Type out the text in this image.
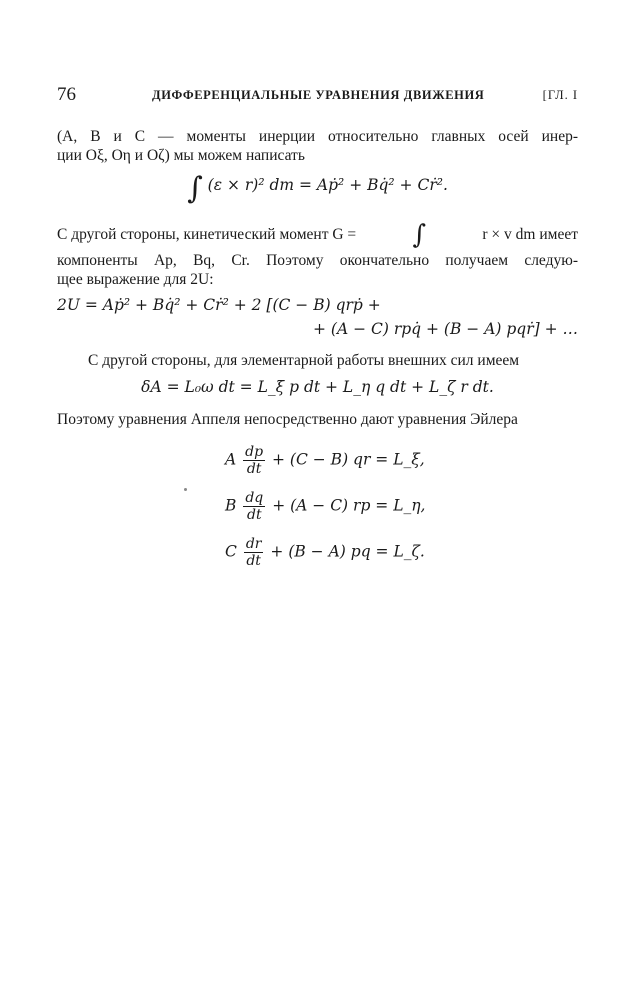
76	ДИФФЕРЕНЦИАЛЬНЫЕ УРАВНЕНИЯ ДВИЖЕНИЯ	[ГЛ. I
(A, B и C — моменты инерции относительно главных осей инер-
ции Oξ, Oη и Oζ) мы можем написать
∫ (ε × r)² dm = Aṗ² + Bq̇² + Cṙ².
С другой стороны, кинетический момент G = ∫	r × v dm имеет
компоненты Ap, Bq, Cr. Поэтому окончательно получаем следую-
щее выражение для 2U:
2U = Aṗ² + Bq̇² + Cṙ² + 2 [(C − B) qrṗ +
+ (A − C) rpq̇ + (B − A) pqṙ] + …
С другой стороны, для элементарной работы внешних сил имеем
δA = L₀ω dt = L_ξ p dt + L_η q dt + L_ζ r dt.
Поэтому уравнения Аппеля непосредственно дают уравнения Эйлера
A $\frac{dp}{dt} + (C - B)$ qr = L_ξ,
B $\frac{dq}{dt} + (A - C)$ rp = L_η,
C $\frac{dr}{dt} + (B - A)$ pq = L_ζ.
